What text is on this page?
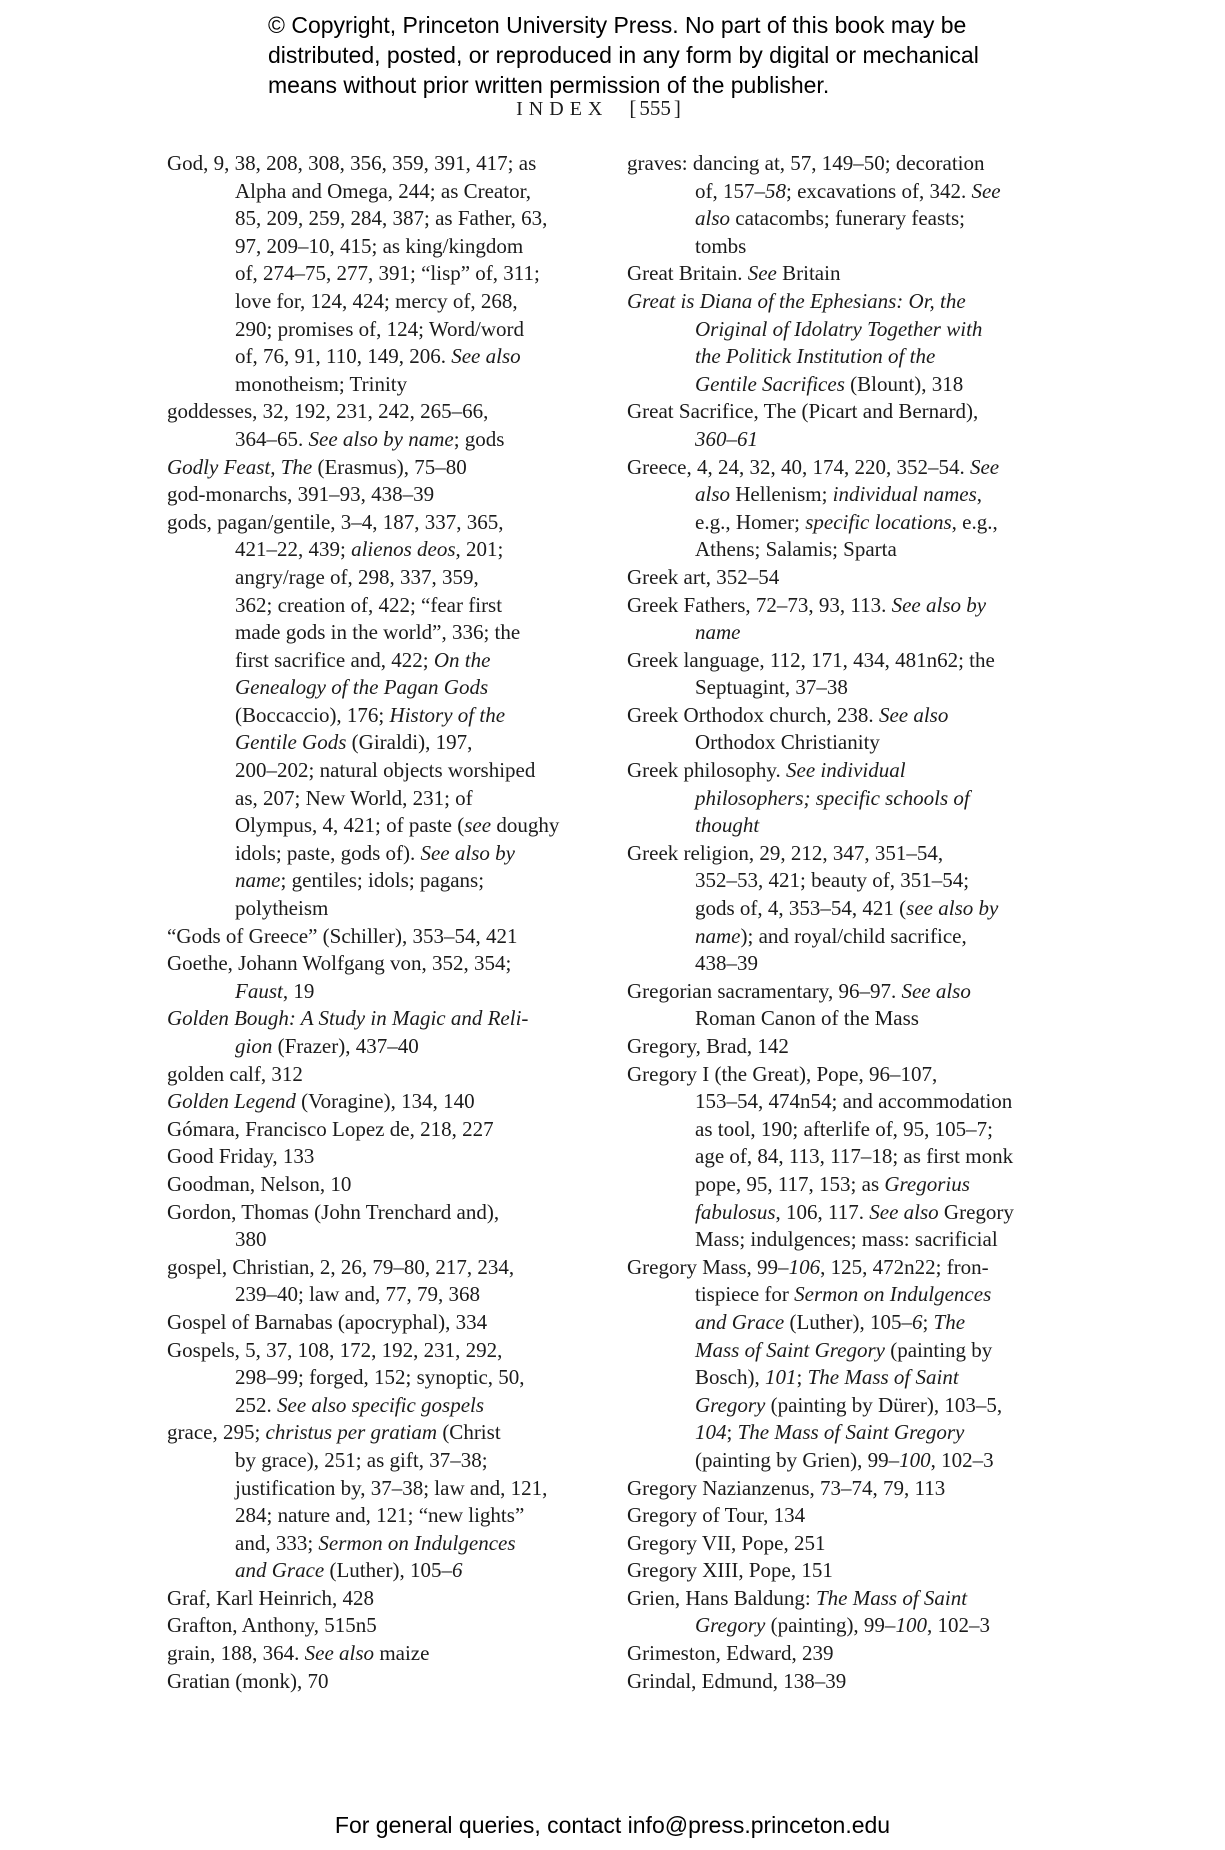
© Copyright, Princeton University Press. No part of this book may be
distributed, posted, or reproduced in any form by digital or mechanical
means without prior written permission of the publisher.
INDEX [ 555 ]
God, 9, 38, 208, 308, 356, 359, 391, 417; as
Alpha and Omega, 244; as Creator,
85, 209, 259, 284, 387; as Father, 63,
97, 209–10, 415; as king/kingdom
of, 274–75, 277, 391; “lisp” of, 311;
love for, 124, 424; mercy of, 268,
290; promises of, 124; Word/word
of, 76, 91, 110, 149, 206. See also
monotheism; Trinity
goddesses, 32, 192, 231, 242, 265–66,
364–65. See also by name; gods
Godly Feast, The (Erasmus), 75–80
god-monarchs, 391–93, 438–39
gods, pagan/gentile, 3–4, 187, 337, 365,
421–22, 439; alienos deos, 201;
angry/rage of, 298, 337, 359,
362; creation of, 422; “fear first
made gods in the world”, 336; the
first sacrifice and, 422; On the
Genealogy of the Pagan Gods
(Boccaccio), 176; History of the
Gentile Gods (Giraldi), 197,
200–202; natural objects worshiped
as, 207; New World, 231; of
Olympus, 4, 421; of paste (see doughy
idols; paste, gods of). See also by
name; gentiles; idols; pagans;
polytheism
“Gods of Greece” (Schiller), 353–54, 421
Goethe, Johann Wolfgang von, 352, 354;
Faust, 19
Golden Bough: A Study in Magic and Reli-
gion (Frazer), 437–40
golden calf, 312
Golden Legend (Voragine), 134, 140
Gómara, Francisco Lopez de, 218, 227
Good Friday, 133
Goodman, Nelson, 10
Gordon, Thomas (John Trenchard and),
380
gospel, Christian, 2, 26, 79–80, 217, 234,
239–40; law and, 77, 79, 368
Gospel of Barnabas (apocryphal), 334
Gospels, 5, 37, 108, 172, 192, 231, 292,
298–99; forged, 152; synoptic, 50,
252. See also specific gospels
grace, 295; christus per gratiam (Christ
by grace), 251; as gift, 37–38;
justification by, 37–38; law and, 121,
284; nature and, 121; “new lights”
and, 333; Sermon on Indulgences
and Grace (Luther), 105–6
Graf, Karl Heinrich, 428
Grafton, Anthony, 515n5
grain, 188, 364. See also maize
Gratian (monk), 70
graves: dancing at, 57, 149–50; decoration
of, 157–58; excavations of, 342. See
also catacombs; funerary feasts;
tombs
Great Britain. See Britain
Great is Diana of the Ephesians: Or, the
Original of Idolatry Together with
the Politick Institution of the
Gentile Sacrifices (Blount), 318
Great Sacrifice, The (Picart and Bernard),
360–61
Greece, 4, 24, 32, 40, 174, 220, 352–54. See
also Hellenism; individual names,
e.g., Homer; specific locations, e.g.,
Athens; Salamis; Sparta
Greek art, 352–54
Greek Fathers, 72–73, 93, 113. See also by
name
Greek language, 112, 171, 434, 481n62; the
Septuagint, 37–38
Greek Orthodox church, 238. See also
Orthodox Christianity
Greek philosophy. See individual
philosophers; specific schools of
thought
Greek religion, 29, 212, 347, 351–54,
352–53, 421; beauty of, 351–54;
gods of, 4, 353–54, 421 (see also by
name); and royal/child sacrifice,
438–39
Gregorian sacramentary, 96–97. See also
Roman Canon of the Mass
Gregory, Brad, 142
Gregory I (the Great), Pope, 96–107,
153–54, 474n54; and accommodation
as tool, 190; afterlife of, 95, 105–7;
age of, 84, 113, 117–18; as first monk
pope, 95, 117, 153; as Gregorius
fabulosus, 106, 117. See also Gregory
Mass; indulgences; mass: sacrificial
Gregory Mass, 99–106, 125, 472n22; fron-
tispiece for Sermon on Indulgences
and Grace (Luther), 105–6; The
Mass of Saint Gregory (painting by
Bosch), 101; The Mass of Saint
Gregory (painting by Dürer), 103–5,
104; The Mass of Saint Gregory
(painting by Grien), 99–100, 102–3
Gregory Nazianzenus, 73–74, 79, 113
Gregory of Tour, 134
Gregory VII, Pope, 251
Gregory XIII, Pope, 151
Grien, Hans Baldung: The Mass of Saint
Gregory (painting), 99–100, 102–3
Grimeston, Edward, 239
Grindal, Edmund, 138–39
For general queries, contact info@press.princeton.edu
